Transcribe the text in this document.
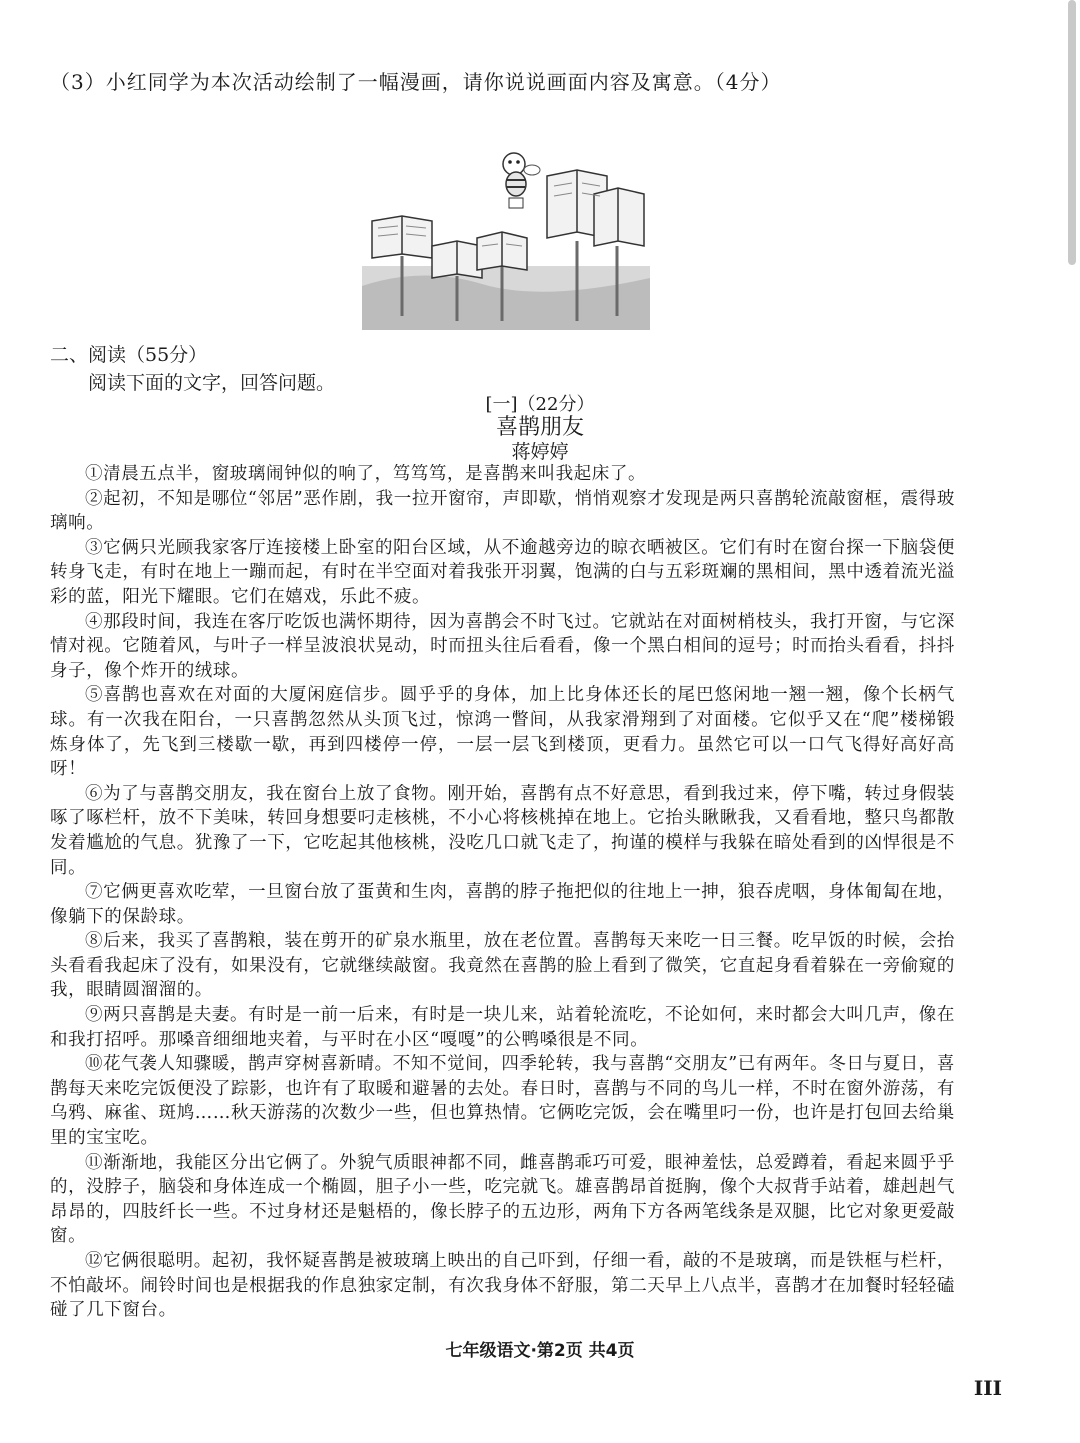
（3）小红同学为本次活动绘制了一幅漫画，请你说说画面内容及寓意。（4分）
二、阅读（55分）
阅读下面的文字，回答问题。
[一]（22分）
喜鹊朋友
蒋婷婷

①清晨五点半，窗玻璃闹钟似的响了，笃笃笃，是喜鹊来叫我起床了。

②起初，不知是哪位“邻居”恶作剧，我一拉开窗帘，声即歇，悄悄观察才发现是两只喜鹊轮流敲窗框，震得玻璃响。

③它俩只光顾我家客厅连接楼上卧室的阳台区域，从不逾越旁边的晾衣晒被区。它们有时在窗台探一下脑袋便转身飞走，有时在地上一蹦而起，有时在半空面对着我张开羽翼，饱满的白与五彩斑斓的黑相间，黑中透着流光溢彩的蓝，阳光下耀眼。它们在嬉戏，乐此不疲。

④那段时间，我连在客厅吃饭也满怀期待，因为喜鹊会不时飞过。它就站在对面树梢枝头，我打开窗，与它深情对视。它随着风，与叶子一样呈波浪状晃动，时而扭头往后看看，像一个黑白相间的逗号；时而抬头看看，抖抖身子，像个炸开的绒球。

⑤喜鹊也喜欢在对面的大厦闲庭信步。圆乎乎的身体，加上比身体还长的尾巴悠闲地一翘一翘，像个长柄气球。有一次我在阳台，一只喜鹊忽然从头顶飞过，惊鸿一瞥间，从我家滑翔到了对面楼。它似乎又在“爬”楼梯锻炼身体了，先飞到三楼歇一歇，再到四楼停一停，一层一层飞到楼顶，更看力。虽然它可以一口气飞得好高好高呀！

⑥为了与喜鹊交朋友，我在窗台上放了食物。刚开始，喜鹊有点不好意思，看到我过来，停下嘴，转过身假装啄了啄栏杆，放不下美味，转回身想要叼走核桃，不小心将核桃掉在地上。它抬头瞅瞅我，又看看地，整只鸟都散发着尴尬的气息。犹豫了一下，它吃起其他核桃，没吃几口就飞走了，拘谨的模样与我躲在暗处看到的凶悍很是不同。

⑦它俩更喜欢吃荤，一旦窗台放了蛋黄和生肉，喜鹊的脖子拖把似的往地上一抻，狼吞虎咽，身体匍匐在地，像躺下的保龄球。

⑧后来，我买了喜鹊粮，装在剪开的矿泉水瓶里，放在老位置。喜鹊每天来吃一日三餐。吃早饭的时候，会抬头看看我起床了没有，如果没有，它就继续敲窗。我竟然在喜鹊的脸上看到了微笑，它直起身看着躲在一旁偷窥的我，眼睛圆溜溜的。

⑨两只喜鹊是夫妻。有时是一前一后来，有时是一块儿来，站着轮流吃，不论如何，来时都会大叫几声，像在和我打招呼。那嗓音细细地夹着，与平时在小区“嘎嘎”的公鸭嗓很是不同。

⑩花气袭人知骤暖，鹊声穿树喜新晴。不知不觉间，四季轮转，我与喜鹊“交朋友”已有两年。冬日与夏日，喜鹊每天来吃完饭便没了踪影，也许有了取暖和避暑的去处。春日时，喜鹊与不同的鸟儿一样，不时在窗外游荡，有乌鸦、麻雀、斑鸠……秋天游荡的次数少一些，但也算热情。它俩吃完饭，会在嘴里叼一份，也许是打包回去给巢里的宝宝吃。

⑪渐渐地，我能区分出它俩了。外貌气质眼神都不同，雌喜鹊乖巧可爱，眼神羞怯，总爱蹲着，看起来圆乎乎的，没脖子，脑袋和身体连成一个椭圆，胆子小一些，吃完就飞。雄喜鹊昂首挺胸，像个大叔背手站着，雄赳赳气昂昂的，四肢纤长一些。不过身材还是魁梧的，像长脖子的五边形，两角下方各两笔线条是双腿，比它对象更爱敲窗。

⑫它俩很聪明。起初，我怀疑喜鹊是被玻璃上映出的自己吓到，仔细一看，敲的不是玻璃，而是铁框与栏杆，不怕敲坏。闹铃时间也是根据我的作息独家定制，有次我身体不舒服，第二天早上八点半，喜鹊才在加餐时轻轻磕碰了几下窗台。

七年级语文·第2页 共4页
III
